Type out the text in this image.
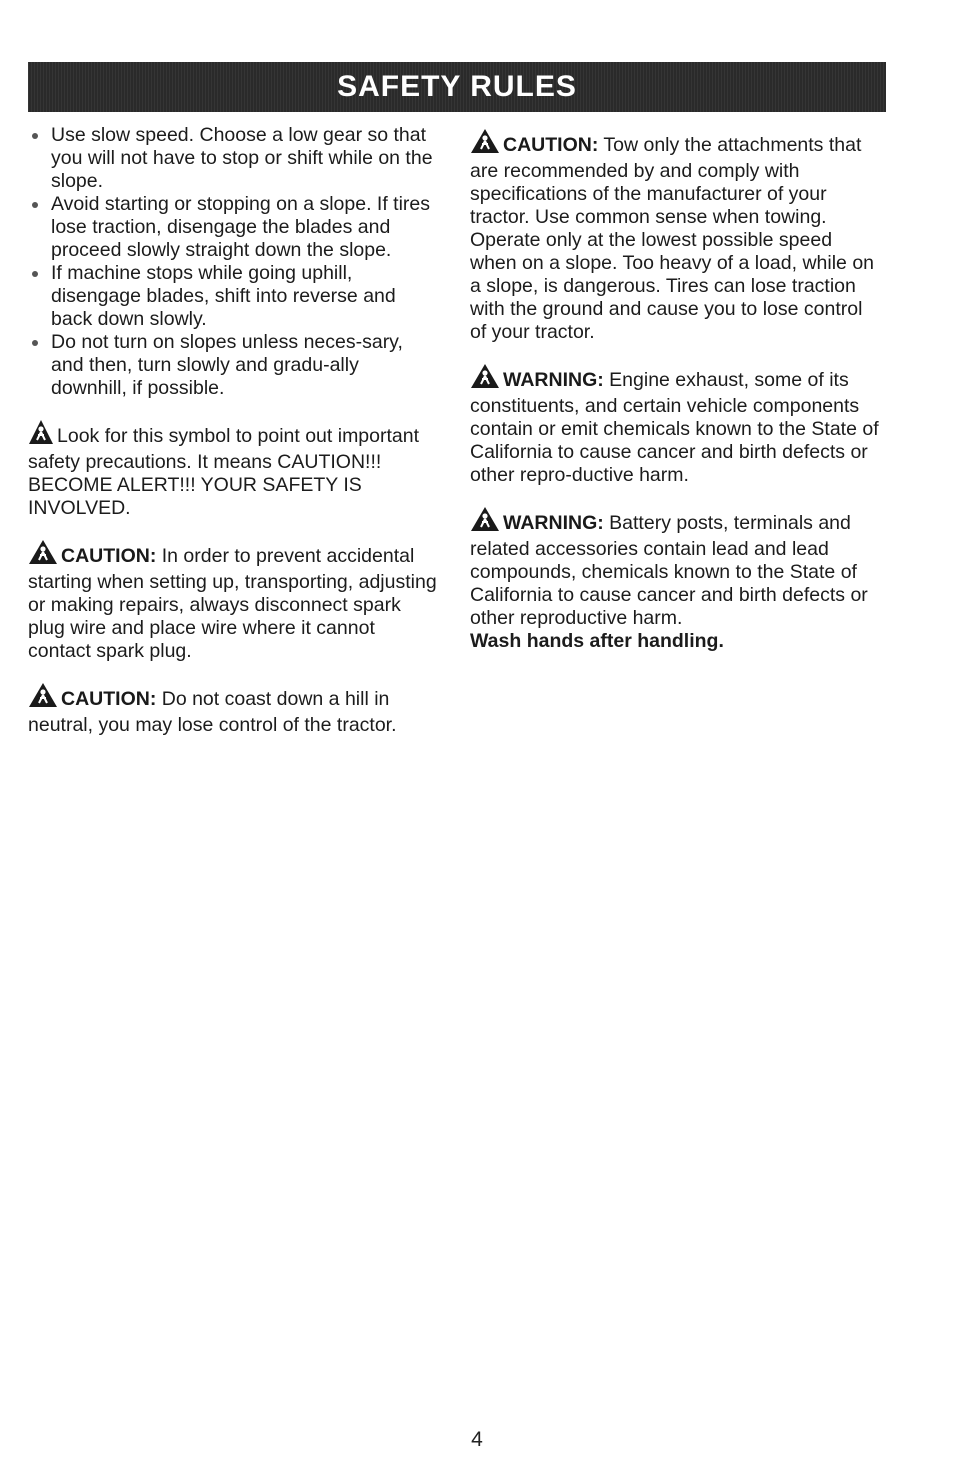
SAFETY RULES
Use slow speed. Choose a low gear so that you will not have to stop or shift while on the slope.
Avoid starting or stopping on a slope. If tires lose traction, disengage the blades and proceed slowly straight down the slope.
If machine stops while going uphill, disengage blades, shift into reverse and back down slowly.
Do not turn on slopes unless neces-sary, and then, turn slowly and gradu-ally downhill, if possible.

Look for this symbol to point out important safety precautions. It means CAUTION!!! BECOME ALERT!!! YOUR SAFETY IS INVOLVED.

CAUTION: In order to prevent accidental starting when setting up, transporting, adjusting or making repairs, always disconnect spark plug wire and place wire where it cannot contact spark plug.

CAUTION: Do not coast down a hill in neutral, you may lose control of the tractor.

CAUTION: Tow only the attachments that are recommended by and comply with specifications of the manufacturer of your tractor. Use common sense when towing. Operate only at the lowest possible speed when on a slope. Too heavy of a load, while on a slope, is dangerous. Tires can lose traction with the ground and cause you to lose control of your tractor.

WARNING: Engine exhaust, some of its constituents, and certain vehicle components contain or emit chemicals known to the State of California to cause cancer and birth defects or other repro-ductive harm.

WARNING: Battery posts, terminals and related accessories contain lead and lead compounds, chemicals known to the State of California to cause cancer and birth defects or other reproductive harm.
Wash hands after handling.

4
